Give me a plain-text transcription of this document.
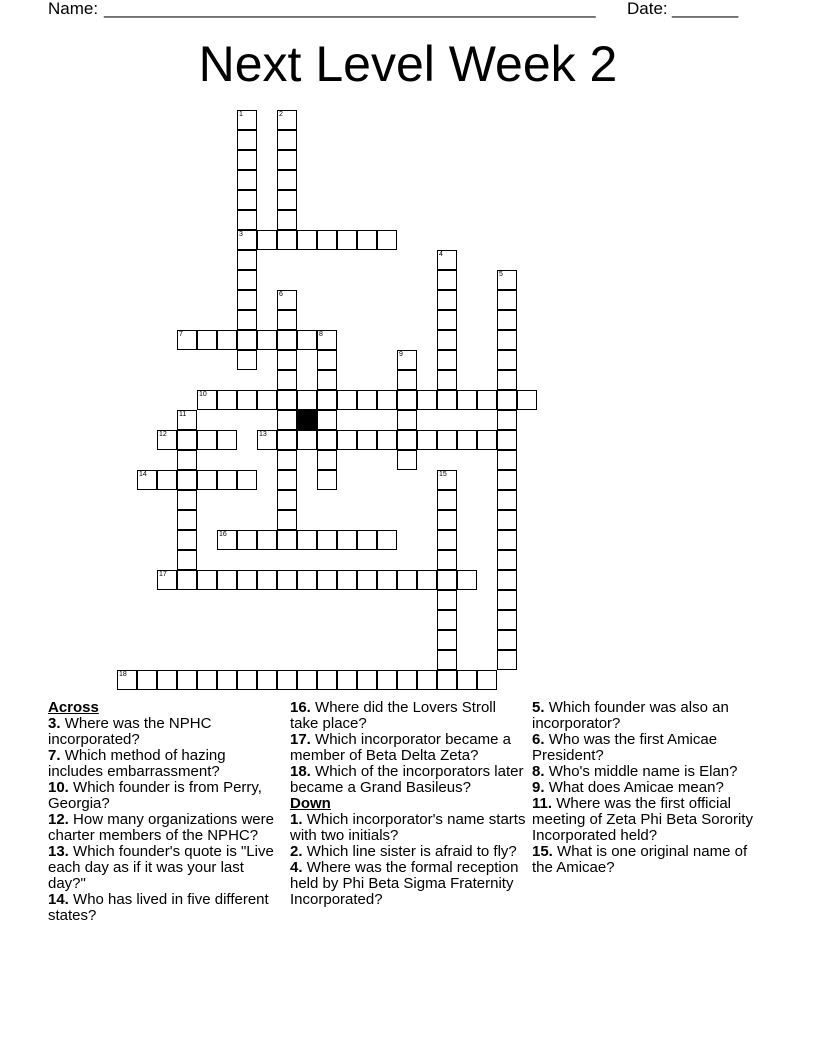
Name: ____________________________________________________ Date: _______
Next Level Week 2
3
7
10
12	13
14
16
17
18
1	2
4
5
6
8
9
11
15
Across
3. Where was the NPHC incorporated?
7. Which method of hazing includes embarrassment?
10. Which founder is from Perry, Georgia?
12. How many organizations were charter members of the NPHC?
13. Which founder's quote is "Live each day as if it was your last day?"
14. Who has lived in five different states?
16. Where did the Lovers Stroll take place?
17. Which incorporator became a member of Beta Delta Zeta?
18. Which of the incorporators later became a Grand Basileus?
Down
1. Which incorporator's name starts with two initials?
2. Which line sister is afraid to fly?
4. Where was the formal reception held by Phi Beta Sigma Fraternity Incorporated?
5. Which founder was also an incorporator?
6. Who was the first Amicae President?
8. Who's middle name is Elan?
9. What does Amicae mean?
11. Where was the first official meeting of Zeta Phi Beta Sorority Incorporated held?
15. What is one original name of the Amicae?
